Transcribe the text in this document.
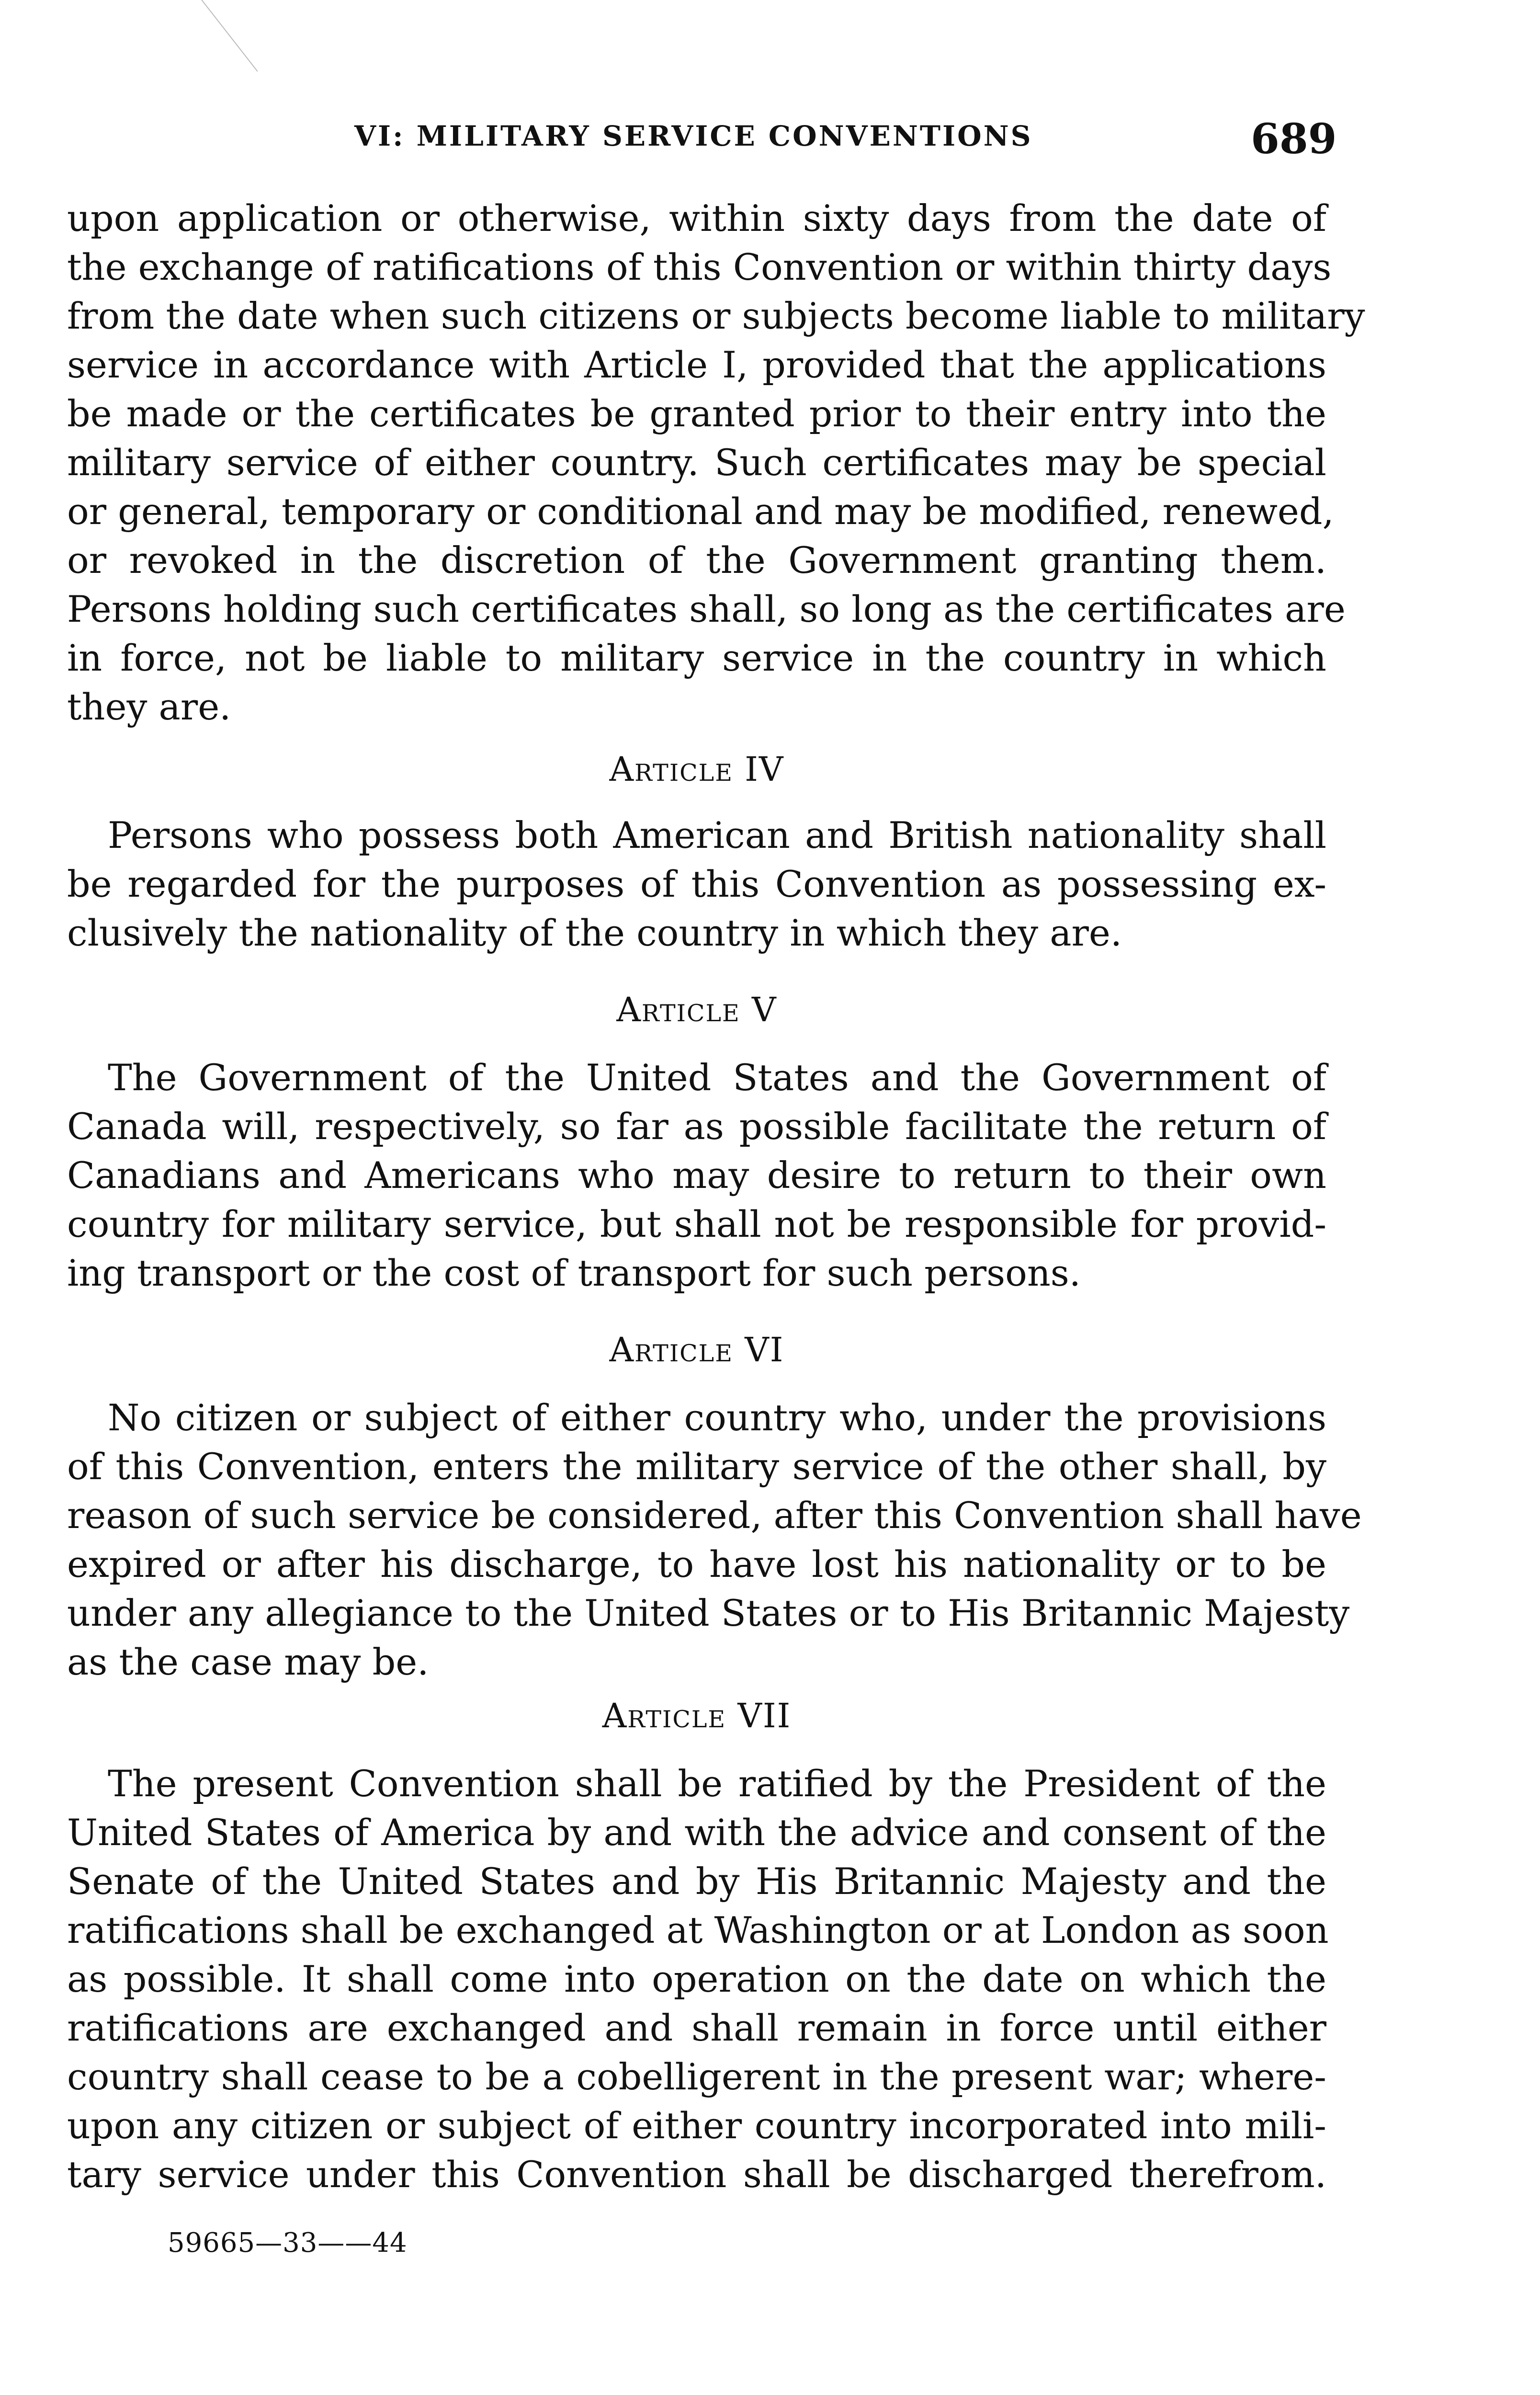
VI: MILITARY SERVICE CONVENTIONS	689
upon application or otherwise, within sixty days from the date of
the exchange of ratifications of this Convention or within thirty days
from the date when such citizens or subjects become liable to military
service in accordance with Article I, provided that the applications
be made or the certificates be granted prior to their entry into the
military service of either country. Such certificates may be special
or general, temporary or conditional and may be modified, renewed,
or revoked in the discretion of the Government granting them.
Persons holding such certificates shall, so long as the certificates are
in force, not be liable to military service in the country in which
they are.
Article IV
Persons who possess both American and British nationality shall
be regarded for the purposes of this Convention as possessing ex-
clusively the nationality of the country in which they are.
Article V
The Government of the United States and the Government of
Canada will, respectively, so far as possible facilitate the return of
Canadians and Americans who may desire to return to their own
country for military service, but shall not be responsible for provid-
ing transport or the cost of transport for such persons.
Article VI
No citizen or subject of either country who, under the provisions
of this Convention, enters the military service of the other shall, by
reason of such service be considered, after this Convention shall have
expired or after his discharge, to have lost his nationality or to be
under any allegiance to the United States or to His Britannic Majesty
as the case may be.
Article VII
The present Convention shall be ratified by the President of the
United States of America by and with the advice and consent of the
Senate of the United States and by His Britannic Majesty and the
ratifications shall be exchanged at Washington or at London as soon
as possible. It shall come into operation on the date on which the
ratifications are exchanged and shall remain in force until either
country shall cease to be a cobelligerent in the present war; where-
upon any citizen or subject of either country incorporated into mili-
tary service under this Convention shall be discharged therefrom.
59665—33——44
